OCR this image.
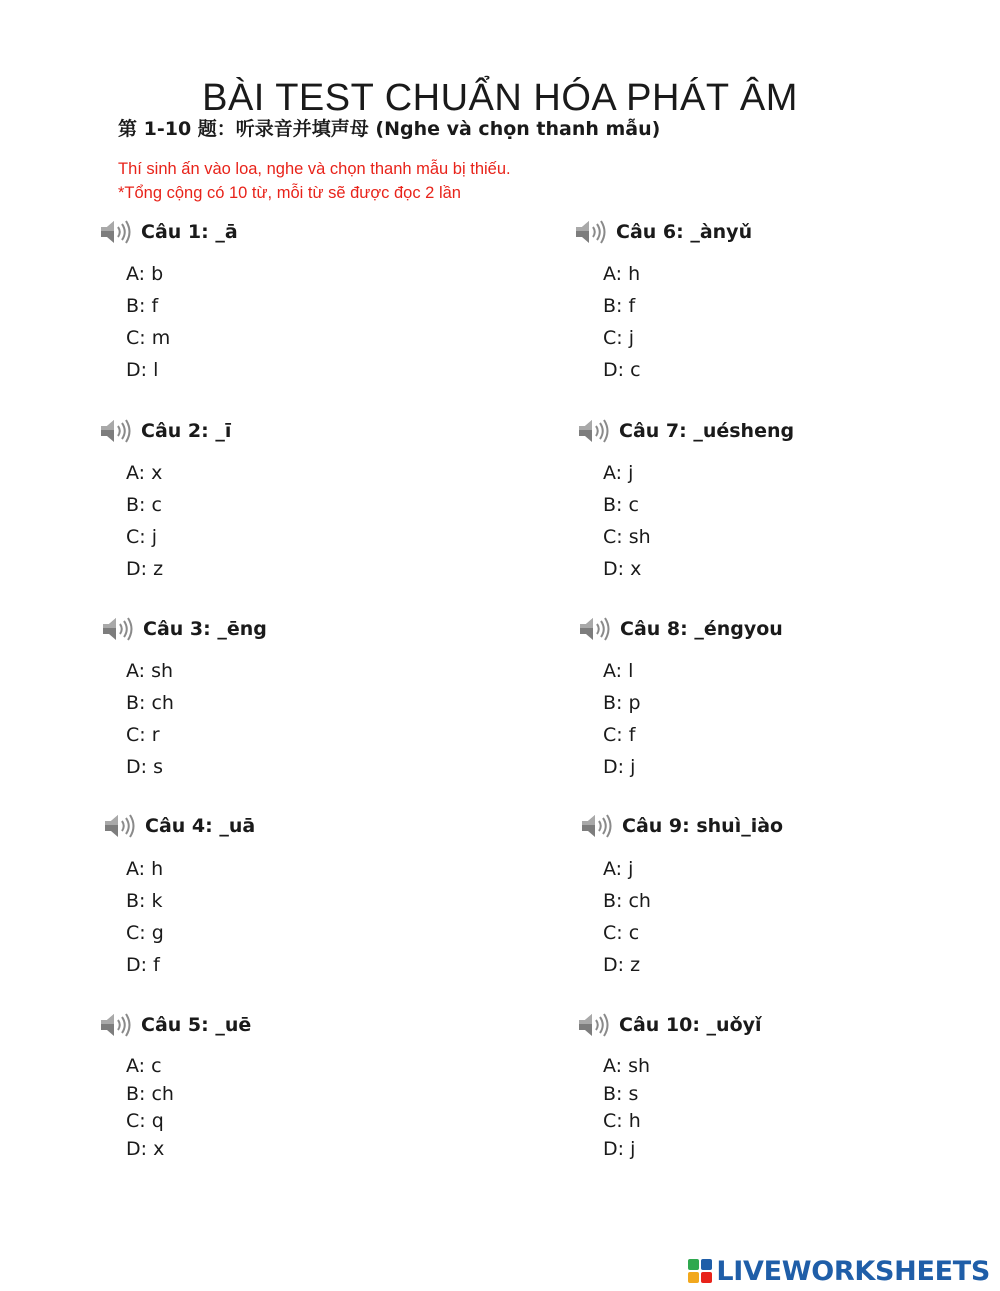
BÀI TEST CHUẨN HÓA PHÁT ÂM
第 1-10 题：听录音并填声母 (Nghe và chọn thanh mẫu)
Thí sinh ấn vào loa, nghe và chọn thanh mẫu bị thiếu.
*Tổng cộng có 10 từ, mỗi từ sẽ được đọc 2 lần
Câu 1: _ā
A: b
B: f
C: m
D: l
Câu 2: _ī
A: x
B: c
C: j
D: z
Câu 3: _ēng
A: sh
B: ch
C: r
D: s
Câu 4: _uā
A: h
B: k
C: g
D: f
Câu 5: _uē
A: c
B: ch
C: q
D: x
Câu 6: _ànyǔ
A: h
B: f
C: j
D: c
Câu 7: _uésheng
A: j
B: c
C: sh
D: x
Câu 8: _éngyou
A: l
B: p
C: f
D: j
Câu 9: shuì_iào
A: j
B: ch
C: c
D: z
Câu 10: _uǒyǐ
A: sh
B: s
C: h
D: j
LIVEWORKSHEETS
